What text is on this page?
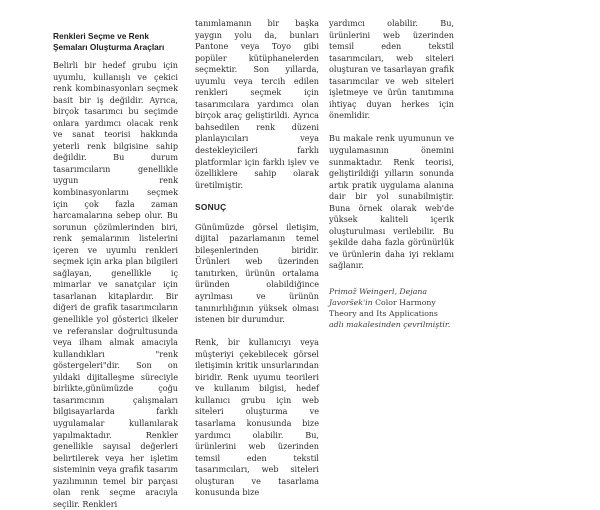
Renkleri Seçme ve Renk Şemaları Oluşturma Araçları

Belirli bir hedef grubu için uyumlu, kullanışlı ve çekici renk kombinasyonları seçmek basit bir iş değildir. Ayrıca, birçok tasarımcı bu seçimde onlara yardımcı olacak renk ve sanat teorisi hakkında yeterli renk bilgisine sahip değildir. Bu durum tasarımcıların genellikle uygun renk kombinasyonlarını seçmek için çok fazla zaman harcamalarına sebep olur. Bu sorunun çözümlerinden biri, renk şemalarının listelerini içeren ve uyumlu renkleri seçmek için arka plan bilgileri sağlayan, genellikle iç mimarlar ve sanatçılar için tasarlanan kitaplardır. Bir diğeri de grafik tasarımcıların genellikle yol gösterici ilkeler ve referanslar doğrultusunda veya ilham almak amacıyla kullandıkları "renk göstergeleri"dir. Son on yıldaki dijitalleşme süreciyle birlikte,günümüzde çoğu tasarımcının çalışmaları bilgisayarlarda farklı uygulamalar kullanılarak yapılmaktadır. Renkler genellikle sayısal değerleri belirtilerek veya her işletim sisteminin veya grafik tasarım yazılımının temel bir parçası olan renk seçme aracıyla seçilir. Renkleri

tanımlamanın bir başka yaygın yolu da, bunları Pantone veya Toyo gibi popüler kütüphanelerden seçmektir. Son yıllarda, uyumlu veya tercih edilen renkleri seçmek için tasarımcılara yardımcı olan birçok araç geliştirildi. Ayrıca bahsedilen renk düzeni planlayıcıları veya destekleyicileri farklı platformlar için farklı işlev ve özelliklere sahip olarak üretilmiştir.

SONUÇ

Günümüzde görsel iletişim, dijital pazarlamanın temel bileşenlerinden biridir. Ürünleri web üzerinden tanıtırken, ürünün ortalama üründen olabildiğince ayrılması ve ürünün tanınırlılığının yüksek olması istenen bir durumdur.

Renk, bir kullanıcıyı veya müşteriyi çekebilecek görsel iletişimin kritik unsurlarından biridir. Renk uyumu teorileri ve kullanım bilgisi, hedef kullanıcı grubu için web siteleri oluşturma ve tasarlama konusunda bize yardımcı olabilir. Bu, ürünlerini web üzerinden temsil eden tekstil tasarımcıları, web siteleri oluşturan ve tasarlama konusunda bize

yardımcı olabilir. Bu, ürünlerini web üzerinden temsil eden tekstil tasarımcıları, web siteleri oluşturan ve tasarlayan grafik tasarımcılar ve web siteleri işletmeye ve ürün tanıtımına ihtiyaç duyan herkes için önemlidir.

Bu makale renk uyumunun ve uygulamasının önemini sunmaktadır. Renk teorisi, geliştirildiği yılların sonunda artık pratik uygulama alanına dair bir yol sunabilmiştir. Buna örnek olarak web'de yüksek kaliteli içerik oluşturulması verilebilir. Bu şekilde daha fazla görünürlük ve ürünlerin daha iyi reklamı sağlanır.

Primož Weingerl, Dejana Javoršek'in Color Harmony Theory and Its Applications adlı makalesinden çevrilmiştir.
